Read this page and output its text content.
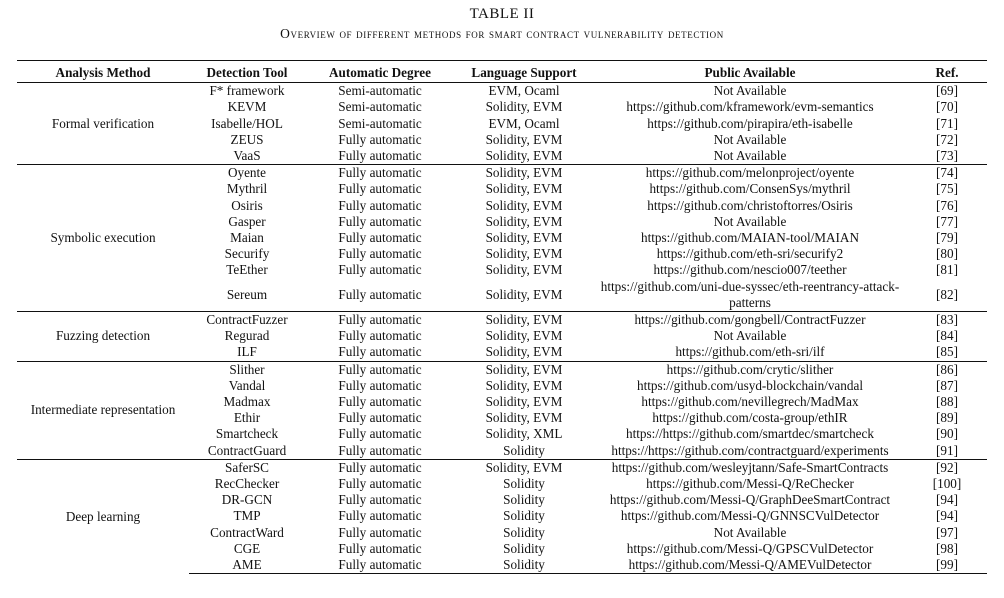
TABLE II
Overview of different methods for smart contract vulnerability detection
Analysis Method	Detection Tool	Automatic Degree	Language Support	Public Available	Ref.
Formal verification	F* framework	Semi-automatic	EVM, Ocaml	Not Available	[69]
	KEVM	Semi-automatic	Solidity, EVM	https://github.com/kframework/evm-semantics	[70]
	Isabelle/HOL	Semi-automatic	EVM, Ocaml	https://github.com/pirapira/eth-isabelle	[71]
	ZEUS	Fully automatic	Solidity, EVM	Not Available	[72]
	VaaS	Fully automatic	Solidity, EVM	Not Available	[73]
Symbolic execution	Oyente	Fully automatic	Solidity, EVM	https://github.com/melonproject/oyente	[74]
	Mythril	Fully automatic	Solidity, EVM	https://github.com/ConsenSys/mythril	[75]
	Osiris	Fully automatic	Solidity, EVM	https://github.com/christoftorres/Osiris	[76]
	Gasper	Fully automatic	Solidity, EVM	Not Available	[77]
	Maian	Fully automatic	Solidity, EVM	https://github.com/MAIAN-tool/MAIAN	[79]
	Securify	Fully automatic	Solidity, EVM	https://github.com/eth-sri/securify2	[80]
	TeEther	Fully automatic	Solidity, EVM	https://github.com/nescio007/teether	[81]
	Sereum	Fully automatic	Solidity, EVM	https://github.com/uni-due-syssec/eth-reentrancy-attack-patterns	[82]
Fuzzing detection	ContractFuzzer	Fully automatic	Solidity, EVM	https://github.com/gongbell/ContractFuzzer	[83]
	Regurad	Fully automatic	Solidity, EVM	Not Available	[84]
	ILF	Fully automatic	Solidity, EVM	https://github.com/eth-sri/ilf	[85]
Intermediate representation	Slither	Fully automatic	Solidity, EVM	https://github.com/crytic/slither	[86]
	Vandal	Fully automatic	Solidity, EVM	https://github.com/usyd-blockchain/vandal	[87]
	Madmax	Fully automatic	Solidity, EVM	https://github.com/nevillegrech/MadMax	[88]
	Ethir	Fully automatic	Solidity, EVM	https://github.com/costa-group/ethIR	[89]
	Smartcheck	Fully automatic	Solidity, XML	https://https://github.com/smartdec/smartcheck	[90]
	ContractGuard	Fully automatic	Solidity	https://https://github.com/contractguard/experiments	[91]
Deep learning	SaferSC	Fully automatic	Solidity, EVM	https://github.com/wesleyjtann/Safe-SmartContracts	[92]
	RecChecker	Fully automatic	Solidity	https://github.com/Messi-Q/ReChecker	[100]
	DR-GCN	Fully automatic	Solidity	https://github.com/Messi-Q/GraphDeeSmartContract	[94]
	TMP	Fully automatic	Solidity	https://github.com/Messi-Q/GNNSCVulDetector	[94]
	ContractWard	Fully automatic	Solidity	Not Available	[97]
	CGE	Fully automatic	Solidity	https://github.com/Messi-Q/GPSCVulDetector	[98]
	AME	Fully automatic	Solidity	https://github.com/Messi-Q/AMEVulDetector	[99]
